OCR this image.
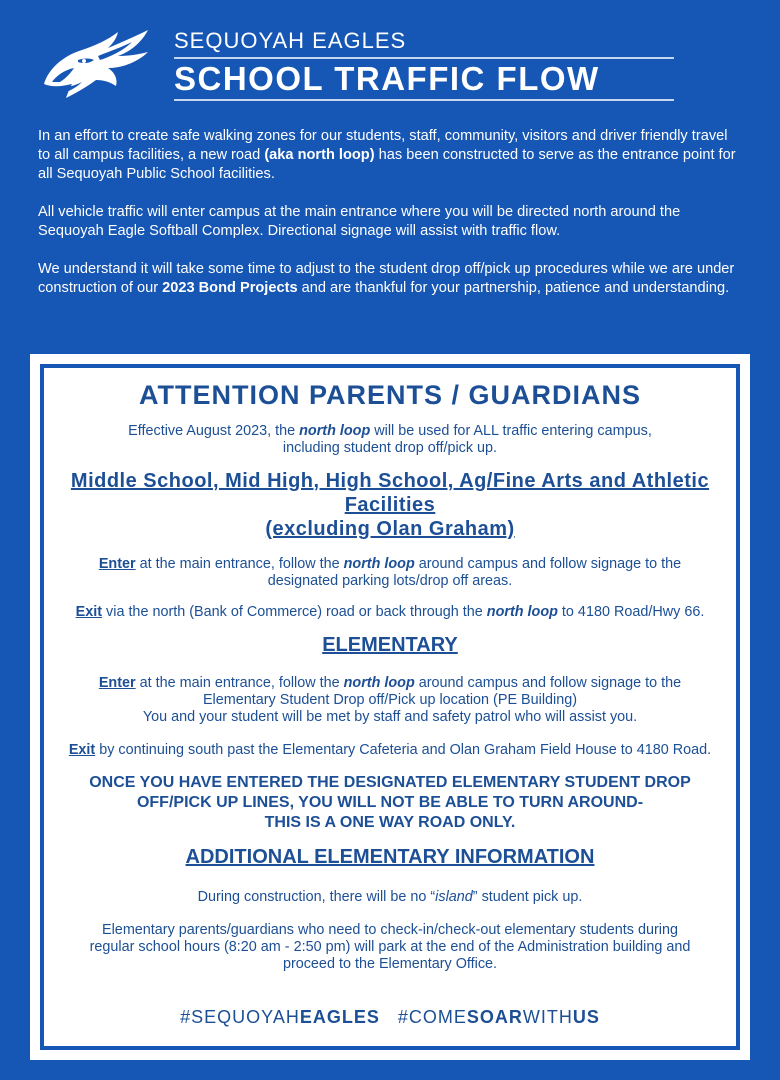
SEQUOYAH EAGLES
SCHOOL TRAFFIC FLOW

In an effort to create safe walking zones for our students, staff, community, visitors and driver friendly travel to all campus facilities, a new road (aka north loop) has been constructed to serve as the entrance point for all Sequoyah Public School facilities.

All vehicle traffic will enter campus at the main entrance where you will be directed north around the Sequoyah Eagle Softball Complex. Directional signage will assist with traffic flow.

We understand it will take some time to adjust to the student drop off/pick up procedures while we are under construction of our 2023 Bond Projects and are thankful for your partnership, patience and understanding.

ATTENTION PARENTS / GUARDIANS
Effective August 2023, the north loop will be used for ALL traffic entering campus, including student drop off/pick up.
Middle School, Mid High, High School, Ag/Fine Arts and Athletic Facilities
(excluding Olan Graham)
Enter at the main entrance, follow the north loop around campus and follow signage to the designated parking lots/drop off areas.
Exit via the north (Bank of Commerce) road or back through the north loop to 4180 Road/Hwy 66.
ELEMENTARY
Enter at the main entrance, follow the north loop around campus and follow signage to the Elementary Student Drop off/Pick up location (PE Building)
You and your student will be met by staff and safety patrol who will assist you.
Exit by continuing south past the Elementary Cafeteria and Olan Graham Field House to 4180 Road.
ONCE YOU HAVE ENTERED THE DESIGNATED ELEMENTARY STUDENT DROP
OFF/PICK UP LINES, YOU WILL NOT BE ABLE TO TURN AROUND-
THIS IS A ONE WAY ROAD ONLY.
ADDITIONAL ELEMENTARY INFORMATION
During construction, there will be no “island” student pick up.
Elementary parents/guardians who need to check-in/check-out elementary students during regular school hours (8:20 am - 2:50 pm) will park at the end of the Administration building and proceed to the Elementary Office.
#SEQUOYAHEAGLES #COMESOARWITHUS
